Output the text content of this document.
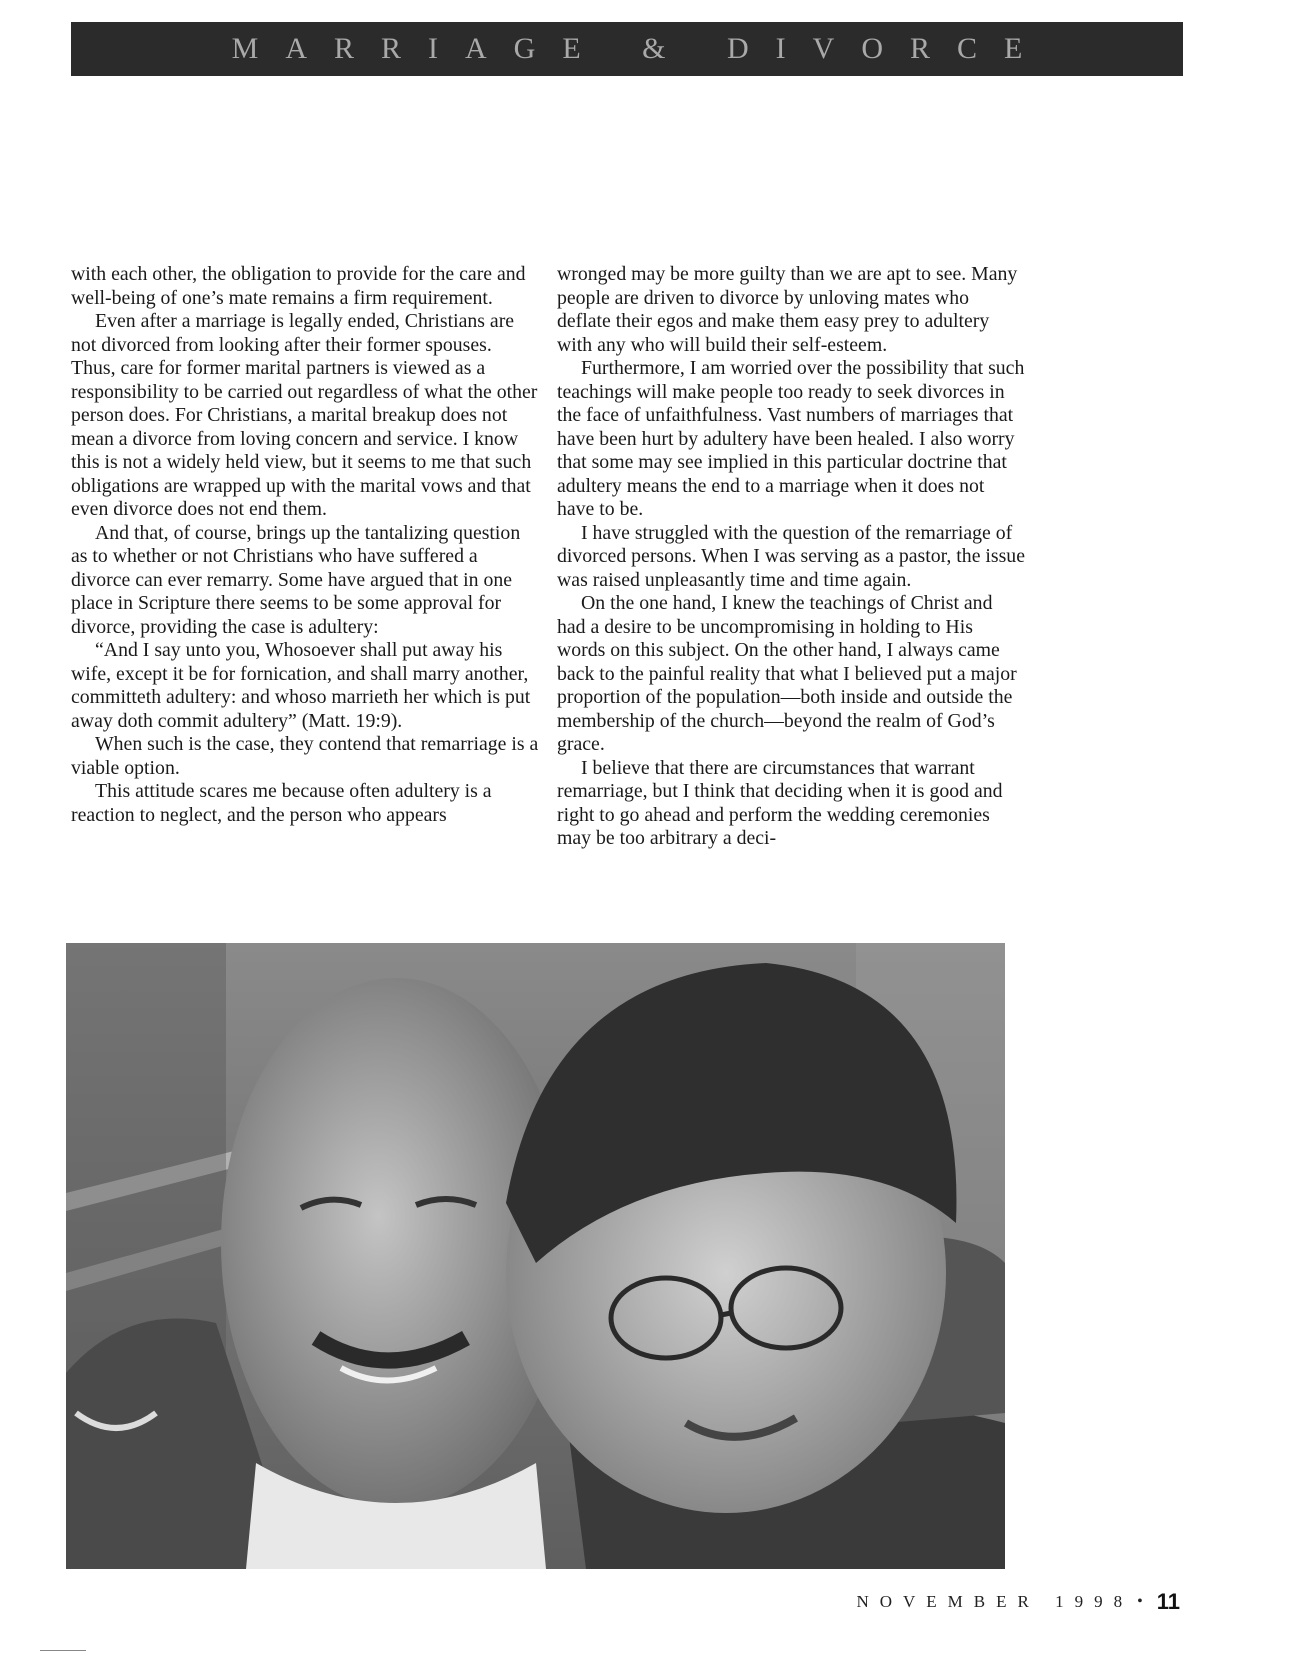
MARRIAGE & DIVORCE

with each other, the obligation to provide for the care and well-being of one’s mate remains a firm requirement.

Even after a marriage is legally ended, Christians are not divorced from looking after their former spouses. Thus, care for former marital partners is viewed as a responsibility to be carried out regardless of what the other person does. For Christians, a marital breakup does not mean a divorce from loving concern and service. I know this is not a widely held view, but it seems to me that such obligations are wrapped up with the marital vows and that even divorce does not end them.

And that, of course, brings up the tantalizing question as to whether or not Christians who have suffered a divorce can ever remarry. Some have argued that in one place in Scripture there seems to be some approval for divorce, providing the case is adultery:

“And I say unto you, Whosoever shall put away his wife, except it be for fornication, and shall marry another, committeth adultery: and whoso marrieth her which is put away doth commit adultery” (Matt. 19:9).

When such is the case, they contend that remarriage is a viable option.

This attitude scares me because often adultery is a reaction to neglect, and the person who appears

wronged may be more guilty than we are apt to see. Many people are driven to divorce by unloving mates who deflate their egos and make them easy prey to adultery with any who will build their self-esteem.

Furthermore, I am worried over the possibility that such teachings will make people too ready to seek divorces in the face of unfaithfulness. Vast numbers of marriages that have been hurt by adultery have been healed. I also worry that some may see implied in this particular doctrine that adultery means the end to a marriage when it does not have to be.

I have struggled with the question of the remarriage of divorced persons. When I was serving as a pastor, the issue was raised unpleasantly time and time again.

On the one hand, I knew the teachings of Christ and had a desire to be uncompromising in holding to His words on this subject. On the other hand, I always came back to the painful reality that what I believed put a major proportion of the population—both inside and outside the membership of the church—beyond the realm of God’s grace.

I believe that there are circumstances that warrant remarriage, but I think that deciding when it is good and right to go ahead and perform the wedding ceremonies may be too arbitrary a deci-

NOVEMBER 1998 • 11
